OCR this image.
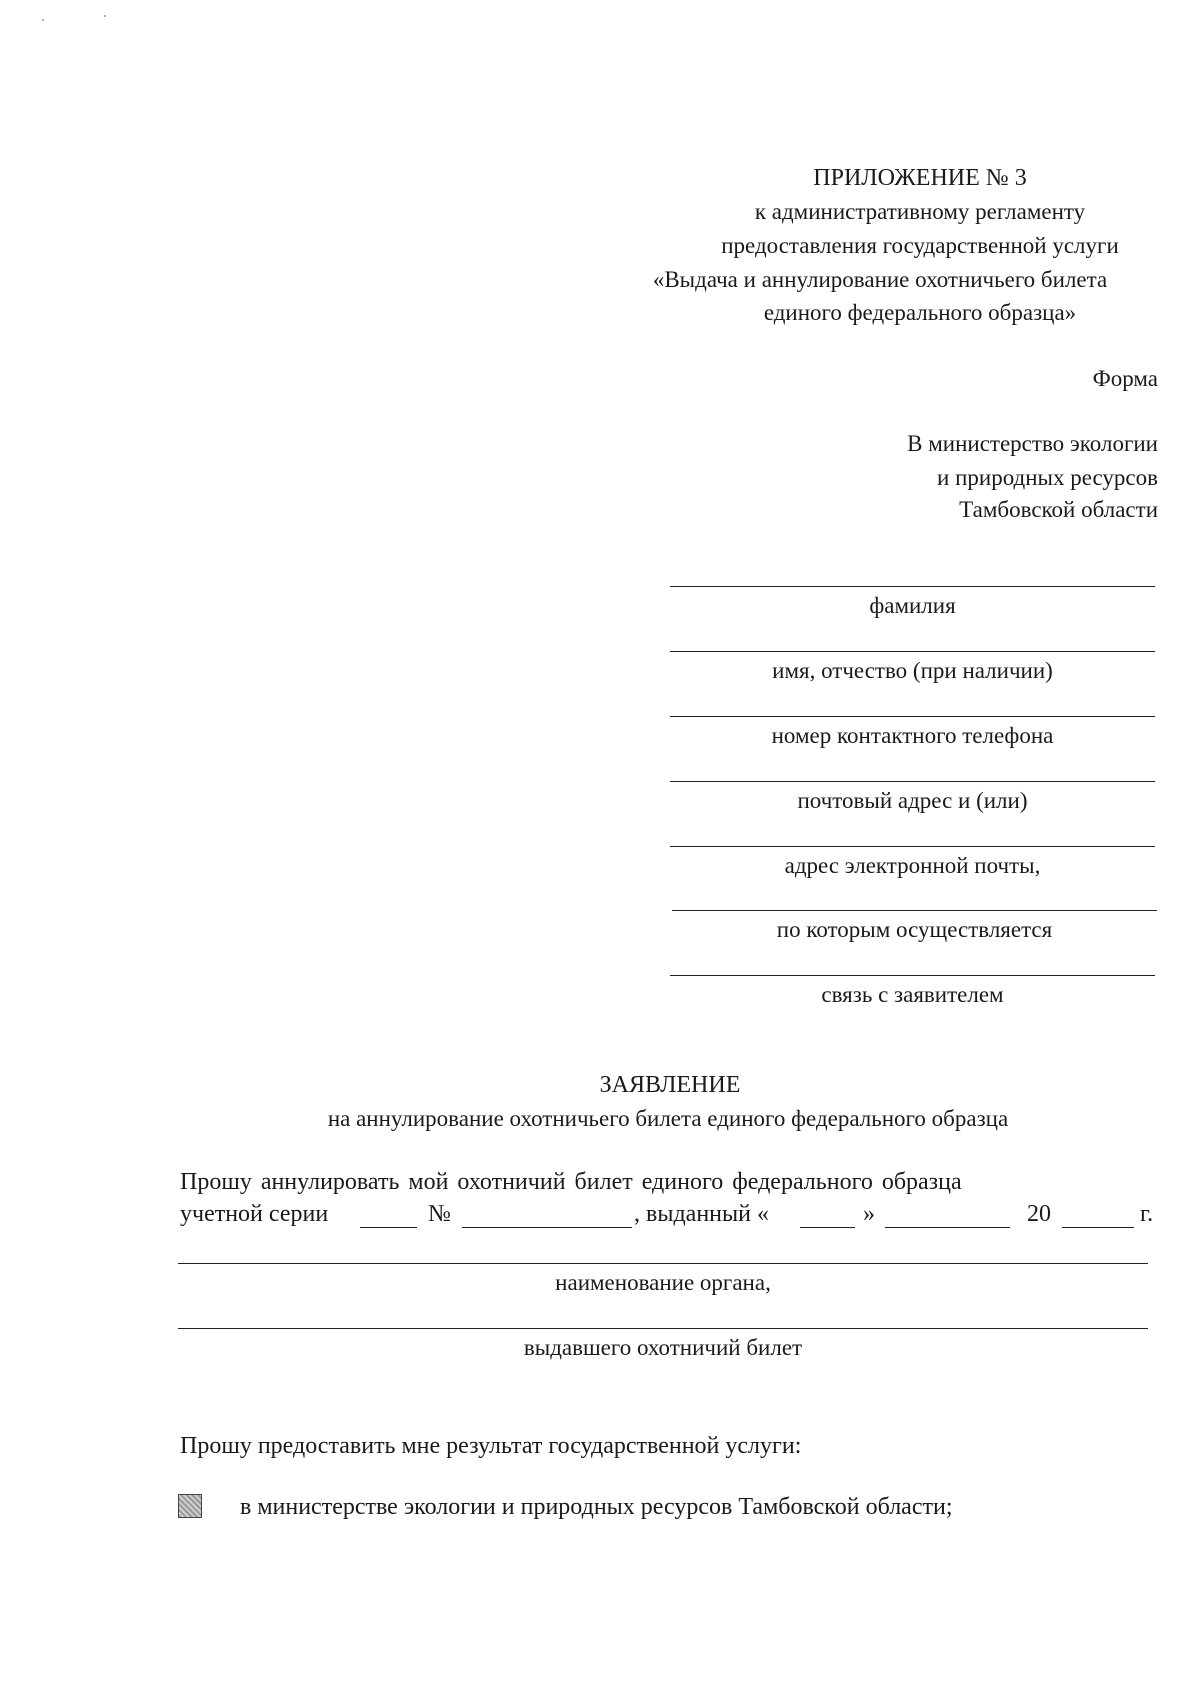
ПРИЛОЖЕНИЕ № 3
к административному регламенту
предоставления государственной услуги
«Выдача и аннулирование охотничьего билета
единого федерального образца»
Форма
В министерство экологии
и природных ресурсов
Тамбовской области
фамилия
имя, отчество (при наличии)
номер контактного телефона
почтовый адрес и (или)
адрес электронной почты,
по которым осуществляется
связь с заявителем
ЗАЯВЛЕНИЕ
на аннулирование охотничьего билета единого федерального образца
Прошу аннулировать мой охотничий билет единого федерального образца
учетной серии	№	, выданный «	»	20	г.
наименование органа,
выдавшего охотничий билет
Прошу предоставить мне результат государственной услуги:
в министерстве экологии и природных ресурсов Тамбовской области;
